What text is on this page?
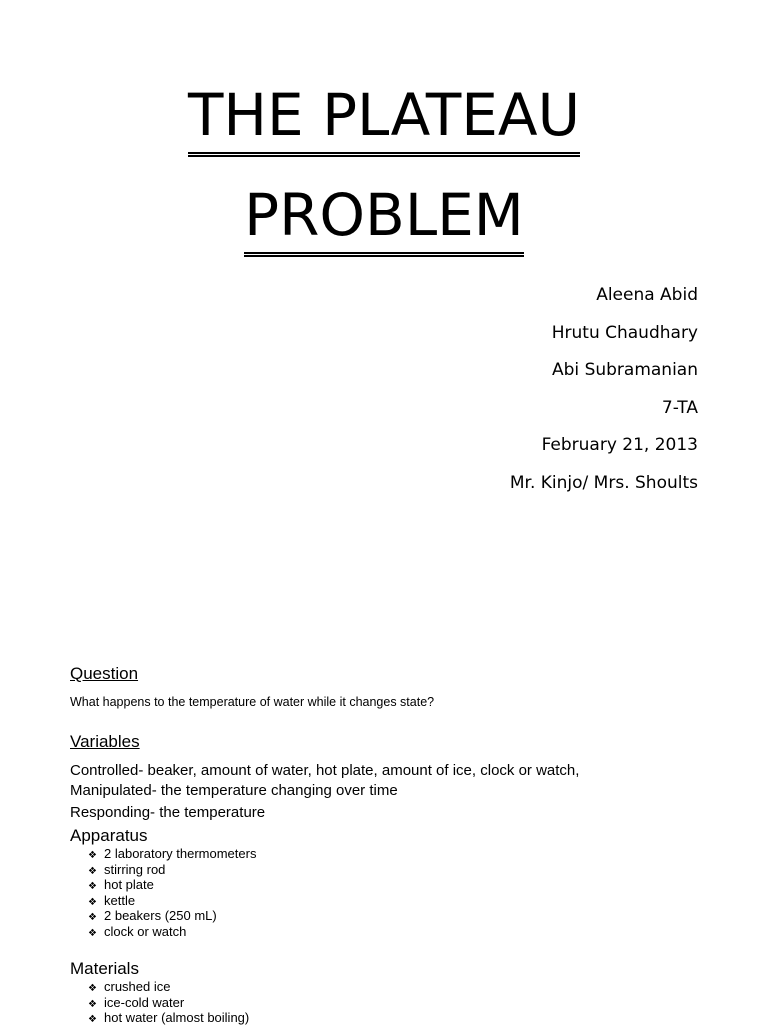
THE PLATEAU
PROBLEM
Aleena Abid
Hrutu Chaudhary
Abi Subramanian
7-TA
February 21, 2013
Mr. Kinjo/ Mrs. Shoults
Question
What happens to the temperature of water while it changes state?
Variables
Controlled- beaker, amount of water, hot plate, amount of ice, clock or watch,
Manipulated- the temperature changing over time
Responding- the temperature
Apparatus
❖ 2 laboratory thermometers
❖ stirring rod
❖ hot plate
❖ kettle
❖ 2 beakers (250 mL)
❖ clock or watch
Materials
❖ crushed ice
❖ ice-cold water
❖ hot water (almost boiling)
